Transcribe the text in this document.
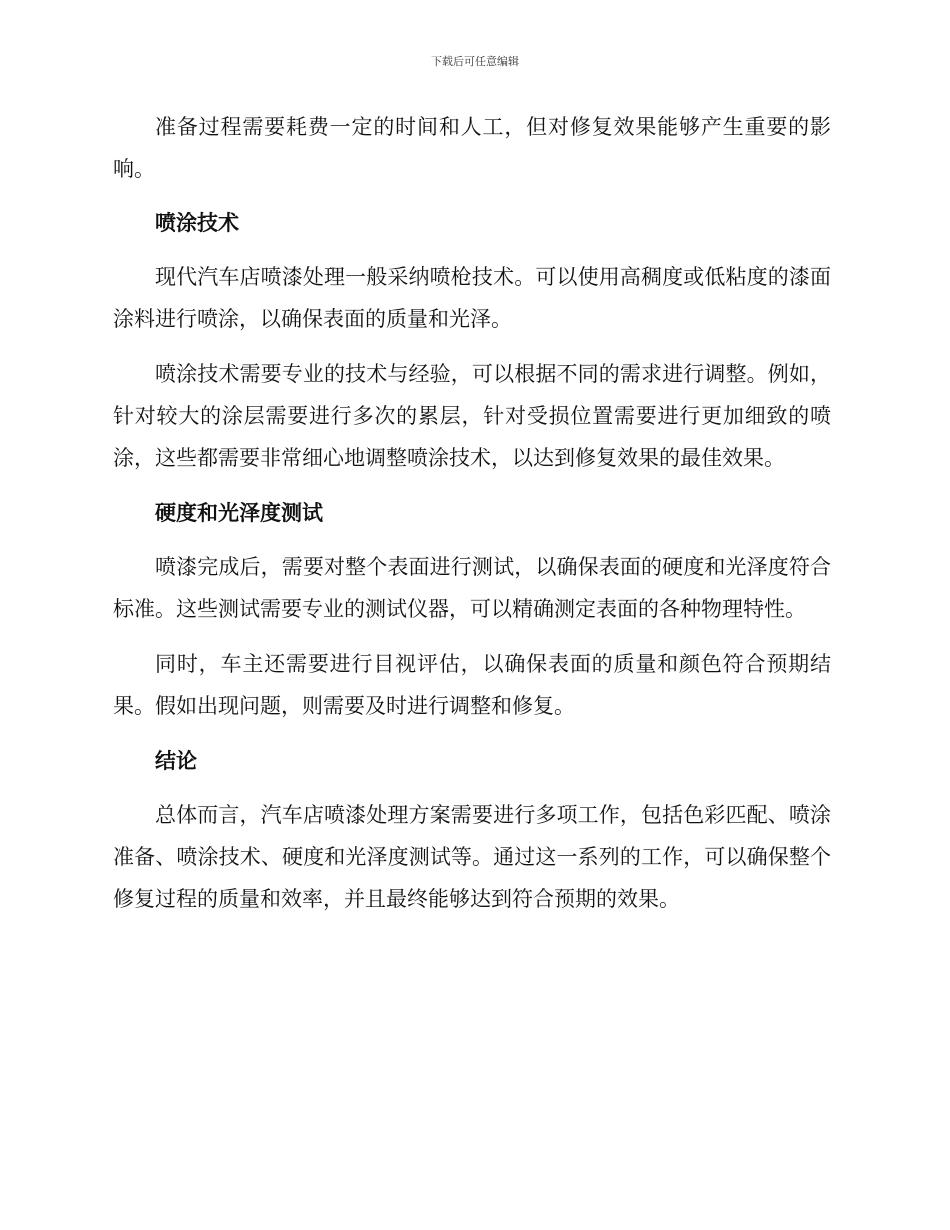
下载后可任意编辑

准备过程需要耗费一定的时间和人工，但对修复效果能够产生重要的影响。

喷涂技术

现代汽车店喷漆处理一般采纳喷枪技术。可以使用高稠度或低粘度的漆面涂料进行喷涂，以确保表面的质量和光泽。

喷涂技术需要专业的技术与经验，可以根据不同的需求进行调整。例如，针对较大的涂层需要进行多次的累层，针对受损位置需要进行更加细致的喷涂，这些都需要非常细心地调整喷涂技术，以达到修复效果的最佳效果。

硬度和光泽度测试

喷漆完成后，需要对整个表面进行测试，以确保表面的硬度和光泽度符合标准。这些测试需要专业的测试仪器，可以精确测定表面的各种物理特性。

同时，车主还需要进行目视评估，以确保表面的质量和颜色符合预期结果。假如出现问题，则需要及时进行调整和修复。

结论

总体而言，汽车店喷漆处理方案需要进行多项工作，包括色彩匹配、喷涂准备、喷涂技术、硬度和光泽度测试等。通过这一系列的工作，可以确保整个修复过程的质量和效率，并且最终能够达到符合预期的效果。
